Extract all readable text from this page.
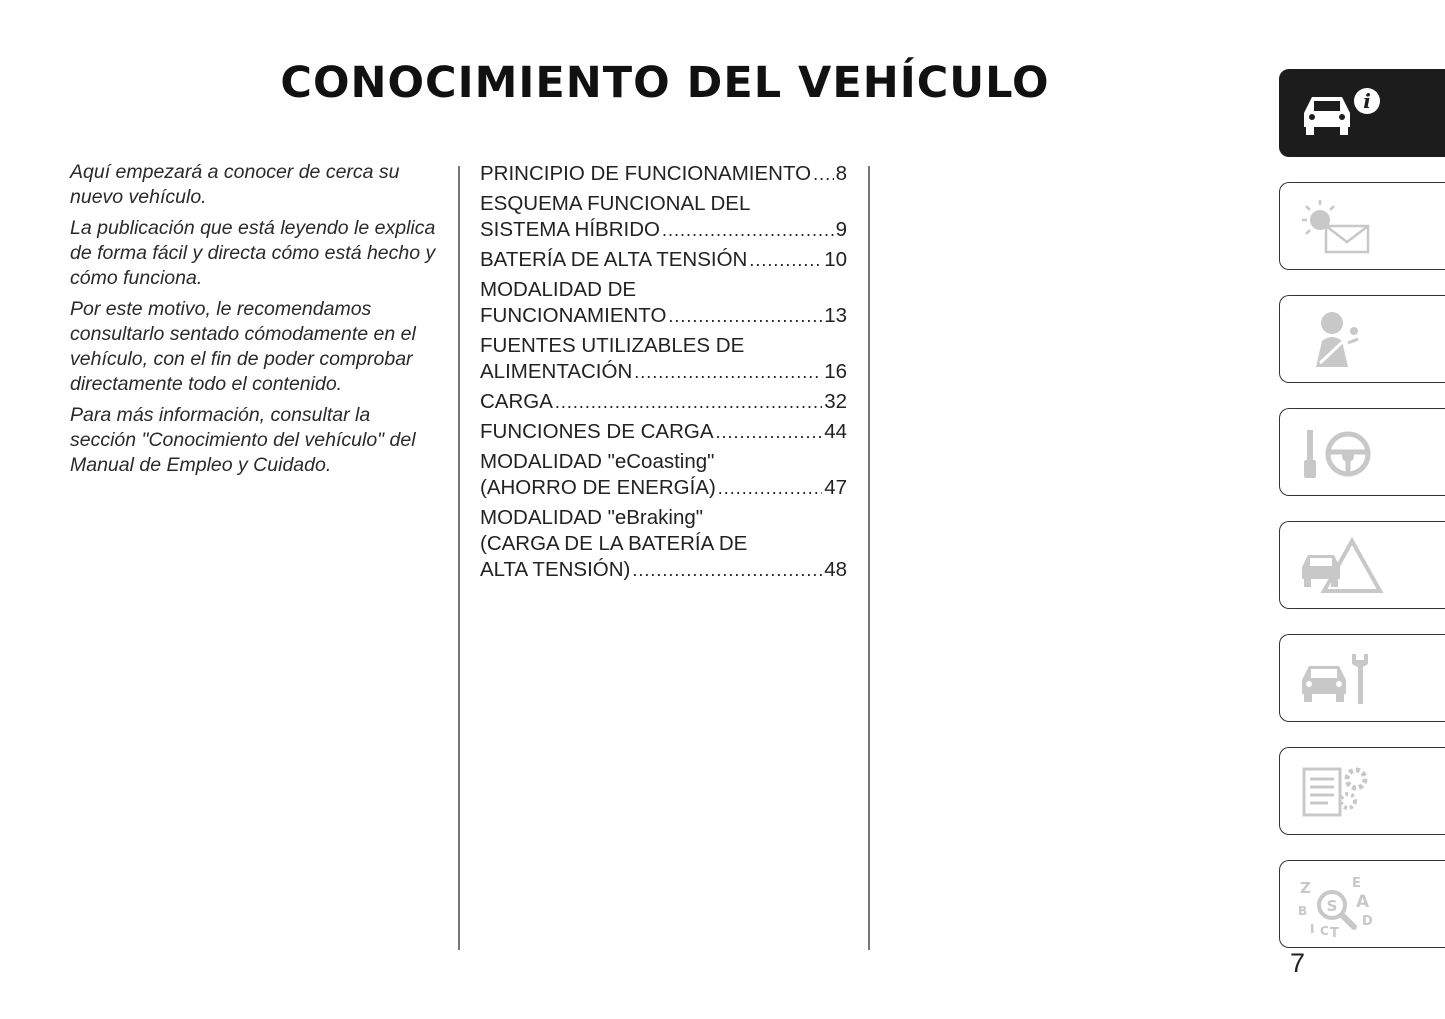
CONOCIMIENTO DEL VEHÍCULO

Aquí empezará a conocer de cerca su nuevo vehículo.

La publicación que está leyendo le explica de forma fácil y directa cómo está hecho y cómo funciona.

Por este motivo, le recomendamos consultarlo sentado cómodamente en el vehículo, con el fin de poder comprobar directamente todo el contenido.

Para más información, consultar la sección "Conocimiento del vehículo" del Manual de Empleo y Cuidado.

PRINCIPIO DE FUNCIONAMIENTO ..... 8
ESQUEMA FUNCIONAL DEL
SISTEMA HÍBRIDO .....	9
BATERÍA DE ALTA TENSIÓN .....	10
MODALIDAD DE
FUNCIONAMIENTO .....	13
FUENTES UTILIZABLES DE
ALIMENTACIÓN .....	16
CARGA .....	32
FUNCIONES DE CARGA .....	44
MODALIDAD "eCoasting"
(AHORRO DE ENERGÍA) .....	47
MODALIDAD "eBraking"
(CARGA DE LA BATERÍA DE
ALTA TENSIÓN) .....	48
i
Z	E
B	A
I C T
D
S
7
